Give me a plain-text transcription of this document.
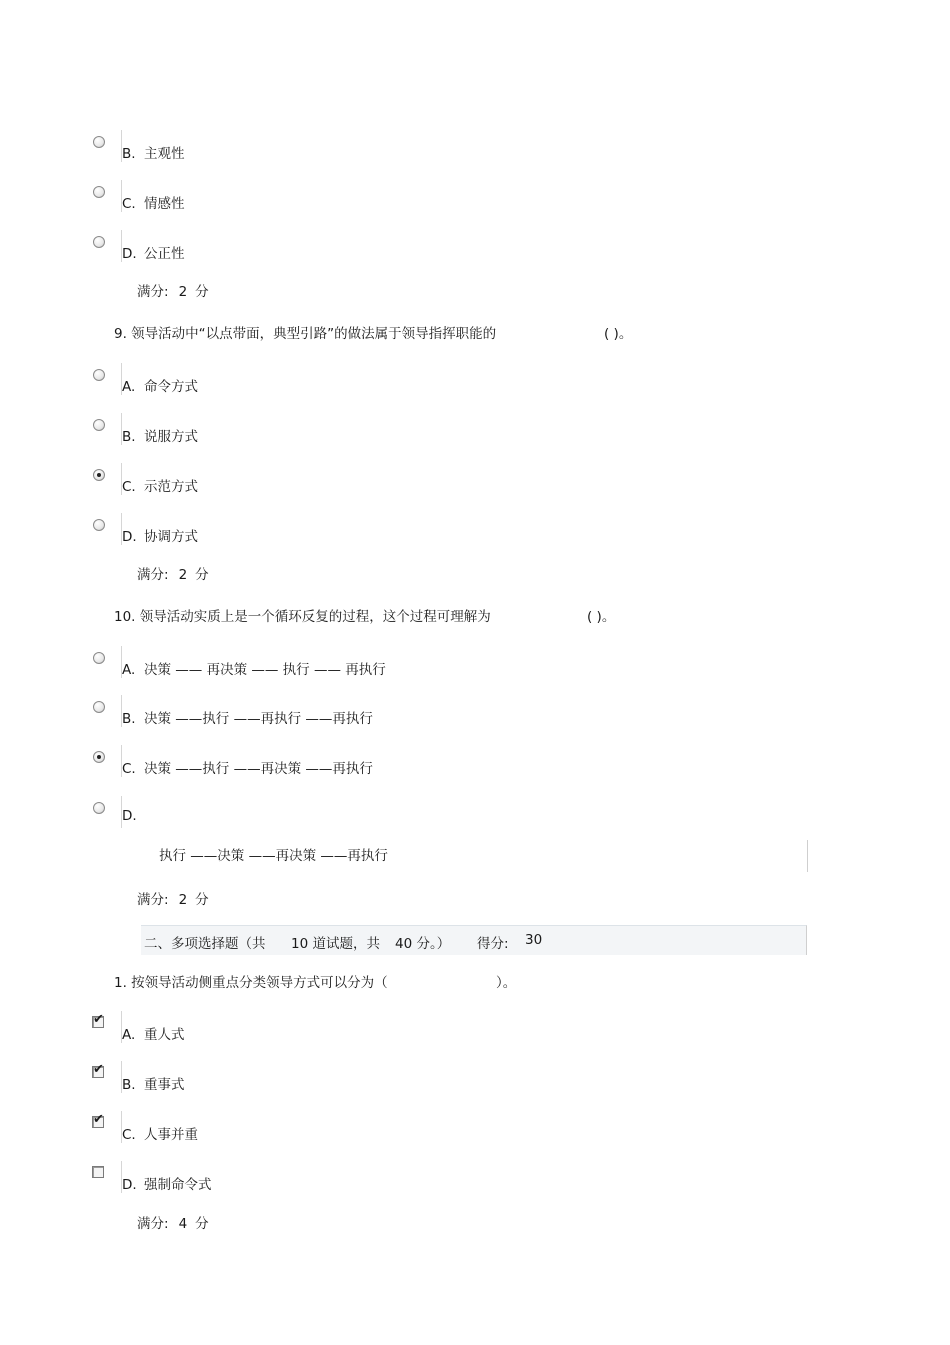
B. 主观性
C. 情感性
D. 公正性
满分: 2 分
9. 领导活动中“以点带面，典型引路”的做法属于领导指挥职能的	( )。
A. 命令方式
B. 说服方式
C. 示范方式
D. 协调方式
满分: 2 分
10. 领导活动实质上是一个循环反复的过程，这个过程可理解为	( )。
A. 决策 —— 再决策 —— 执行 —— 再执行
B. 决策 ——执行 ——再执行 ——再执行
C. 决策 ——执行 ——再决策 ——再执行
D.
执行 ——决策 ——再决策 ——再执行
满分: 2 分
二、多项选择题（共 10 道试题，共 40 分。） 得分: 30
1. 按领导活动侧重点分类领导方式可以分为（	）。
✔
A. 重人式
✔
B. 重事式
✔
C. 人事并重
D. 强制命令式
满分: 4 分
